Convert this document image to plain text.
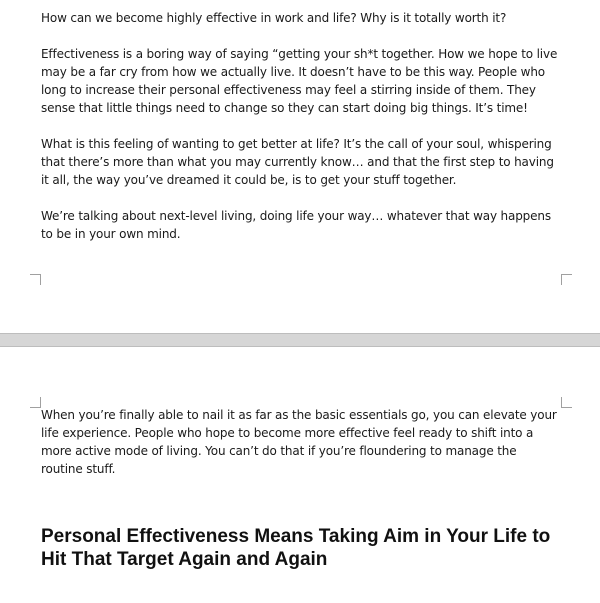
How can we become highly effective in work and life? Why is it totally worth it?

Effectiveness is a boring way of saying “getting your sh*t together. How we hope to live may be a far cry from how we actually live. It doesn’t have to be this way. People who long to increase their personal effectiveness may feel a stirring inside of them. They sense that little things need to change so they can start doing big things. It’s time!

What is this feeling of wanting to get better at life? It’s the call of your soul, whispering that there’s more than what you may currently know… and that the first step to having it all, the way you’ve dreamed it could be, is to get your stuff together.

We’re talking about next-level living, doing life your way… whatever that way happens to be in your own mind.

When you’re finally able to nail it as far as the basic essentials go, you can elevate your life experience. People who hope to become more effective feel ready to shift into a more active mode of living. You can’t do that if you’re floundering to manage the routine stuff.

Personal Effectiveness Means Taking Aim in Your Life to Hit That Target Again and Again
